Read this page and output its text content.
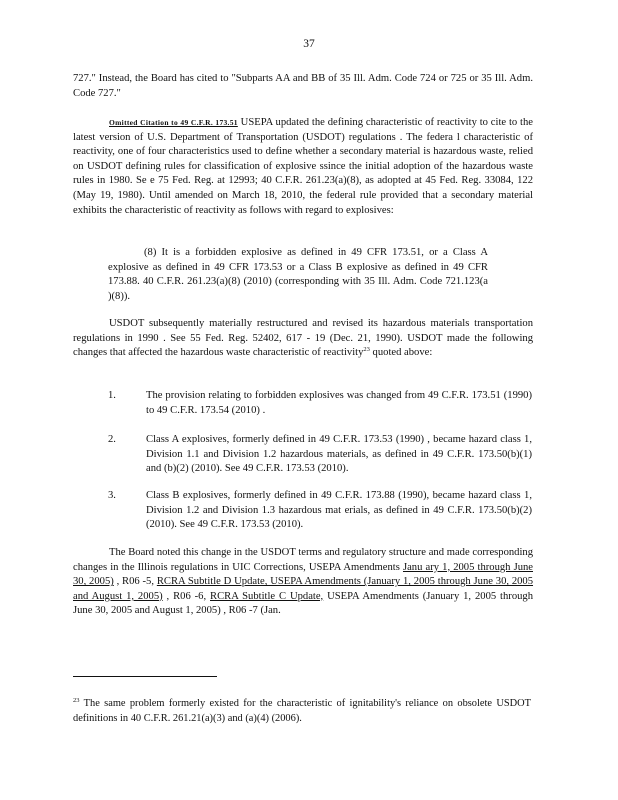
37
727." Instead, the Board has cited to "Subparts AA and BB of 35 Ill. Adm. Code 724 or 725 or 35 Ill. Adm. Code 727."
Omitted Citation to 49 C.F.R. 173.51 USEPA updated the defining characteristic of reactivity to cite to the latest version of U.S. Department of Transportation (USDOT) regulations . The federa l characteristic of reactivity, one of four characteristics used to define whether a secondary material is hazardous waste, relied on USDOT defining rules for classification of explosive ssince the initial adoption of the hazardous waste rules in 1980. Se e 75 Fed. Reg. at 12993; 40 C.F.R. 261.23(a)(8), as adopted at 45 Fed. Reg. 33084, 122 (May 19, 1980). Until amended on March 18, 2010, the federal rule provided that a secondary material exhibits the characteristic of reactivity as follows with regard to explosives:
(8) It is a forbidden explosive as defined in 49 CFR 173.51, or a Class A explosive as defined in 49 CFR 173.53 or a Class B explosive as defined in 49 CFR 173.88. 40 C.F.R. 261.23(a)(8) (2010) (corresponding with 35 Ill. Adm. Code 721.123(a )(8)).
USDOT subsequently materially restructured and revised its hazardous materials transportation regulations in 1990 . See 55 Fed. Reg. 52402, 617 - 19 (Dec. 21, 1990). USDOT made the following changes that affected the hazardous waste characteristic of reactivity$^{23}$ quoted above:
1.	The provision relating to forbidden explosives was changed from 49 C.F.R. 173.51 (1990) to 49 C.F.R. 173.54 (2010) .
2.	Class A explosives, formerly defined in 49 C.F.R. 173.53 (1990) , became hazard class 1, Division 1.1 and Division 1.2 hazardous materials, as defined in 49 C.F.R. 173.50(b)(1) and (b)(2) (2010). See 49 C.F.R. 173.53 (2010).
3.	Class B explosives, formerly defined in 49 C.F.R. 173.88 (1990), became hazard class 1, Division 1.2 and Division 1.3 hazardous mat erials, as defined in 49 C.F.R. 173.50(b)(2) (2010). See 49 C.F.R. 173.53 (2010).
The Board noted this change in the USDOT terms and regulatory structure and made corresponding changes in the Illinois regulations in UIC Corrections, USEPA Amendments Janu ary 1, 2005 through June 30, 2005) , R06 -5, RCRA Subtitle D Update, USEPA Amendments (January 1, 2005 through June 30, 2005 and August 1, 2005) , R06 -6, RCRA Subtitle C Update, USEPA Amendments (January 1, 2005 through June 30, 2005 and August 1, 2005) , R06 -7 (Jan.
$^{23}$ The same problem formerly existed for the characteristic of ignitability's reliance on obsolete USDOT definitions in 40 C.F.R. 261.21(a)(3) and (a)(4) (2006).
